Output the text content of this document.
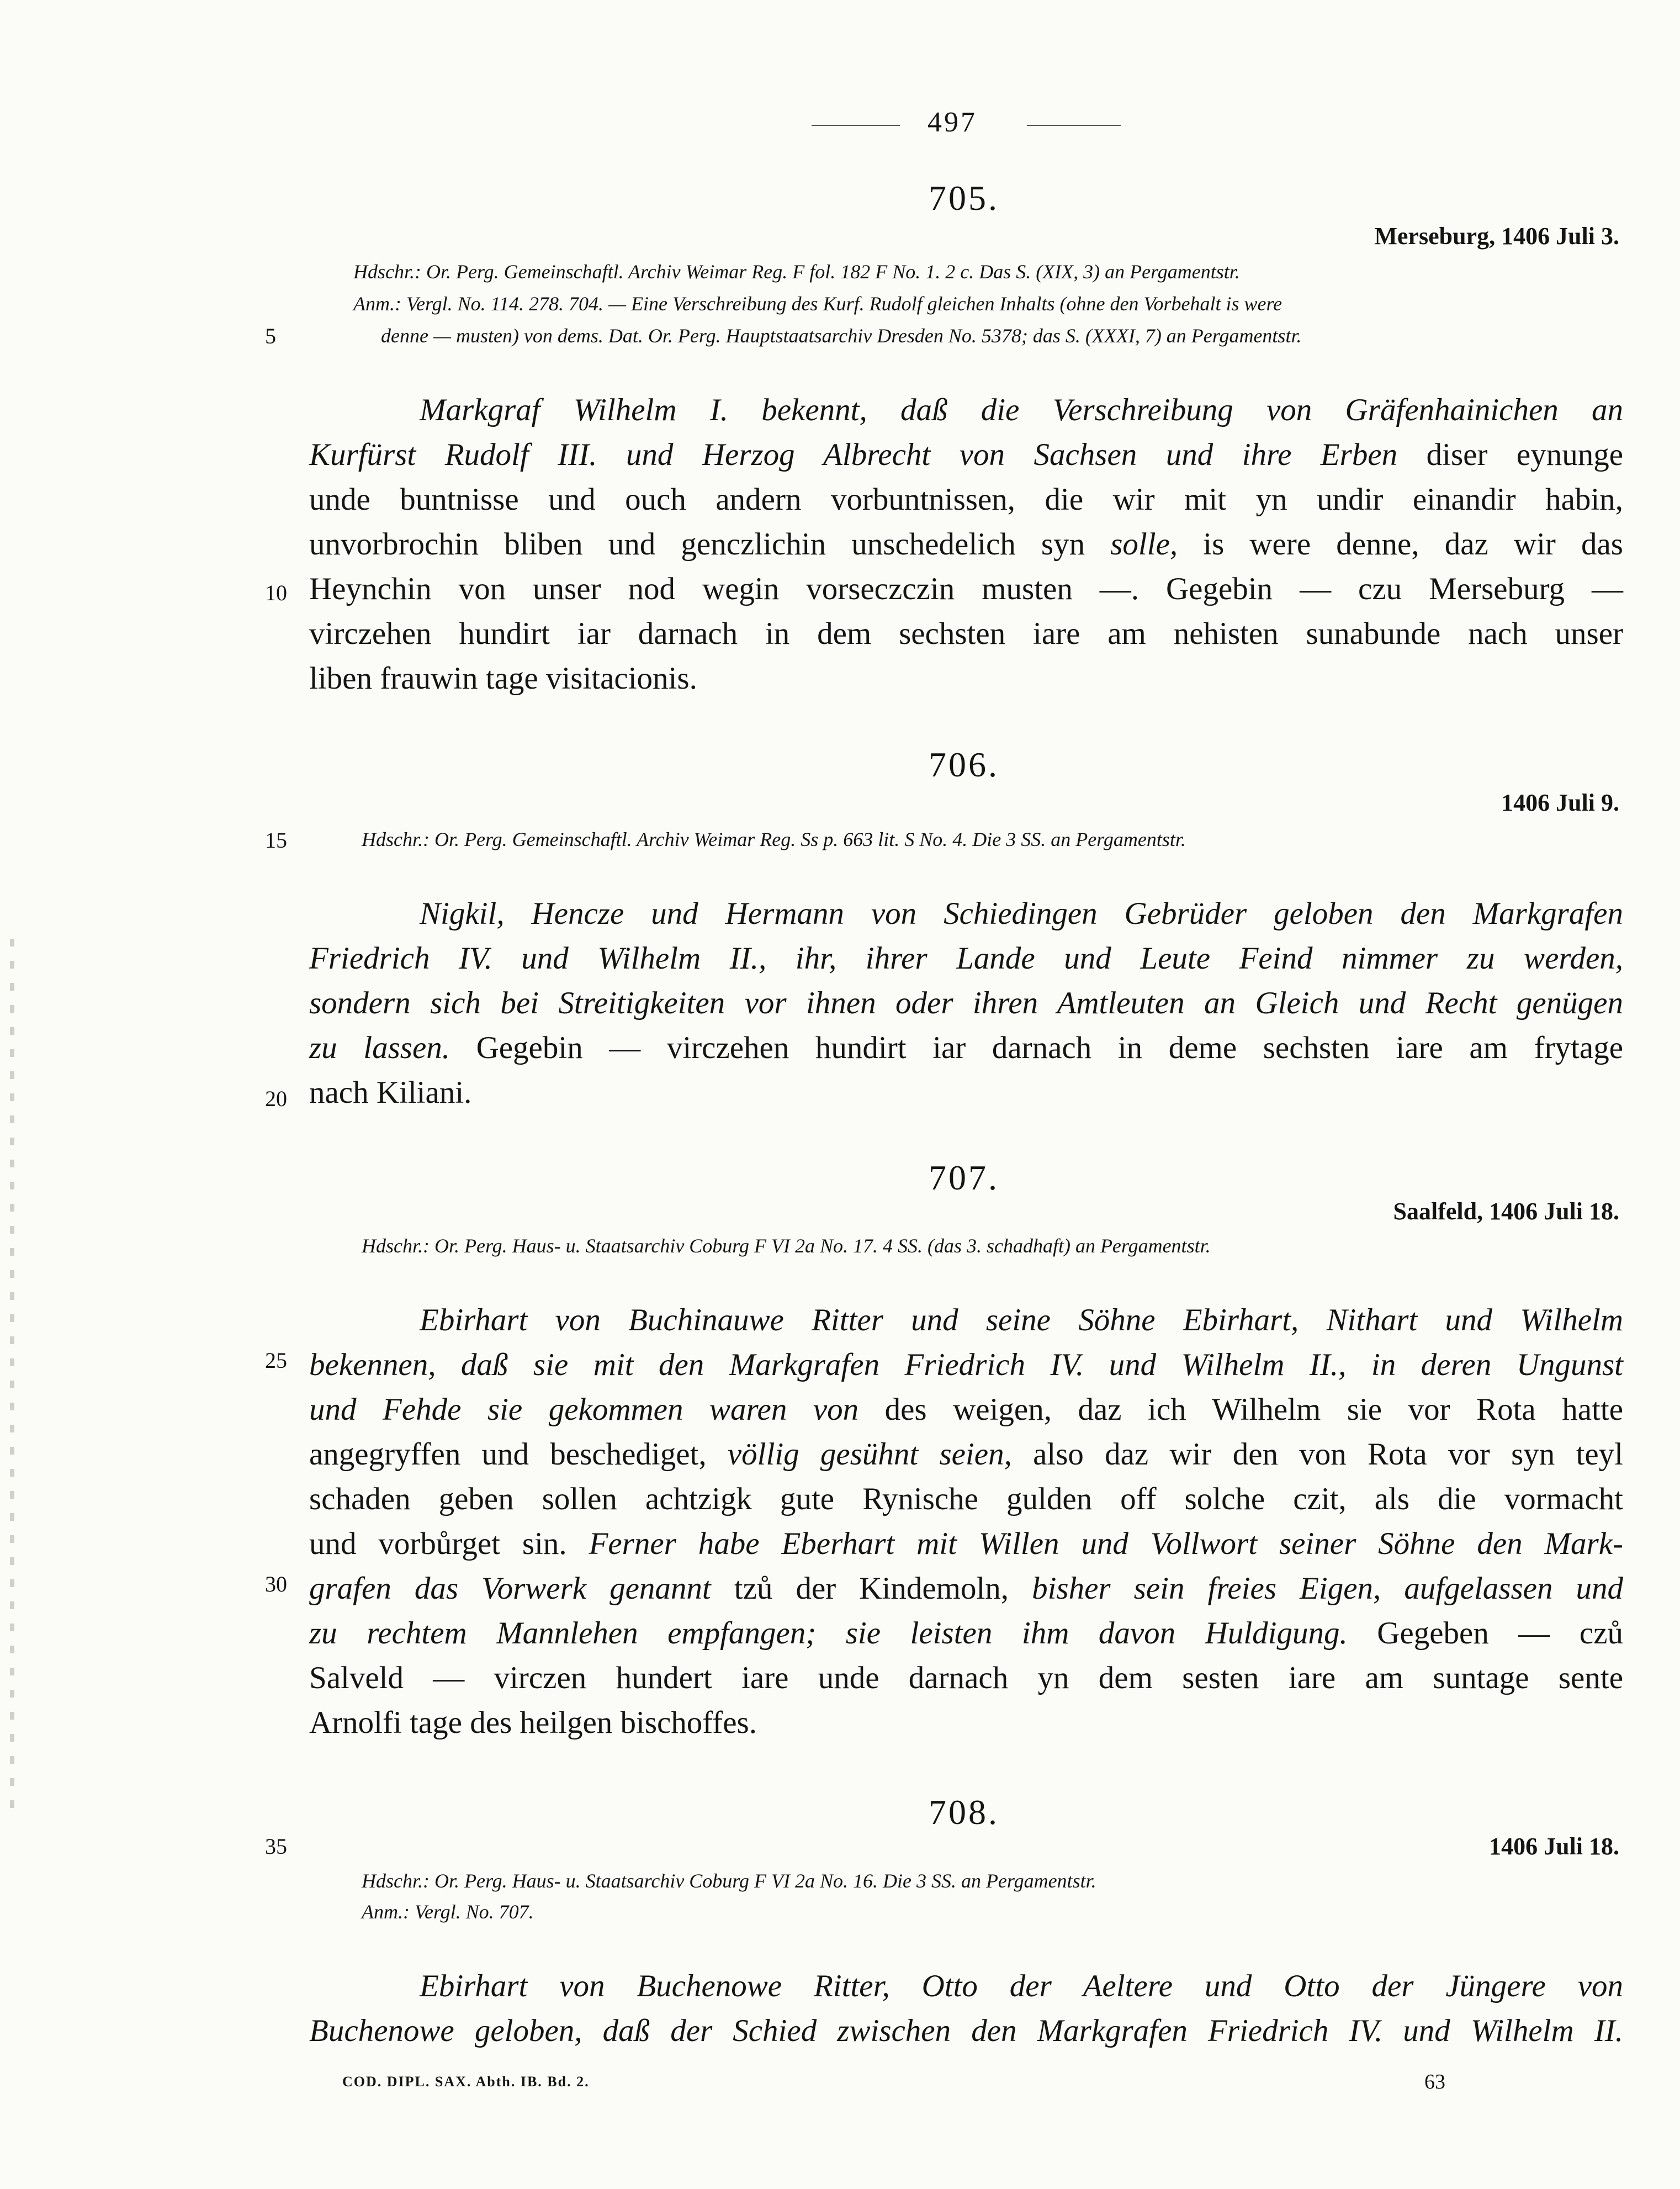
497
705.
Merseburg, 1406 Juli 3.
Hdschr.: Or. Perg. Gemeinschaftl. Archiv Weimar Reg. F fol. 182 F No. 1. 2 c. Das S. (XIX, 3) an Pergamentstr.
Anm.: Vergl. No. 114. 278. 704. — Eine Verschreibung des Kurf. Rudolf gleichen Inhalts (ohne den Vorbehalt is were
5	denne — musten) von dems. Dat. Or. Perg. Hauptstaatsarchiv Dresden No. 5378; das S. (XXXI, 7) an Pergamentstr.
Markgraf Wilhelm I. bekennt, daß die Verschreibung von Gräfenhainichen an
Kurfürst Rudolf III. und Herzog Albrecht von Sachsen und ihre Erben diser eynunge
unde buntnisse und ouch andern vorbuntnissen, die wir mit yn undir einandir habin,
unvorbrochin bliben und genczlichin unschedelich syn solle, is were denne, daz wir das
Heynchin von unser nod wegin vorseczczin musten —. Gegebin — czu Merseburg —
virczehen hundirt iar darnach in dem sechsten iare am nehisten sunabunde nach unser
liben frauwin tage visitacionis.
10
706.
1406 Juli 9.
15	Hdschr.: Or. Perg. Gemeinschaftl. Archiv Weimar Reg. Ss p. 663 lit. S No. 4. Die 3 SS. an Pergamentstr.
Nigkil, Hencze und Hermann von Schiedingen Gebrüder geloben den Markgrafen
Friedrich IV. und Wilhelm II., ihr, ihrer Lande und Leute Feind nimmer zu werden,
sondern sich bei Streitigkeiten vor ihnen oder ihren Amtleuten an Gleich und Recht genügen
zu lassen. Gegebin — virczehen hundirt iar darnach in deme sechsten iare am frytage
nach Kiliani.
20
707.
Saalfeld, 1406 Juli 18.
Hdschr.: Or. Perg. Haus- u. Staatsarchiv Coburg F VI 2a No. 17. 4 SS. (das 3. schadhaft) an Pergamentstr.
Ebirhart von Buchinauwe Ritter und seine Söhne Ebirhart, Nithart und Wilhelm
bekennen, daß sie mit den Markgrafen Friedrich IV. und Wilhelm II., in deren Ungunst
und Fehde sie gekommen waren von des weigen, daz ich Wilhelm sie vor Rota hatte
angegryffen und beschediget, völlig gesühnt seien, also daz wir den von Rota vor syn teyl
schaden geben sollen achtzigk gute Rynische gulden off solche czit, als die vormacht
und vorbůrget sin. Ferner habe Eberhart mit Willen und Vollwort seiner Söhne den Mark-
grafen das Vorwerk genannt tzů der Kindemoln, bisher sein freies Eigen, aufgelassen und
zu rechtem Mannlehen empfangen; sie leisten ihm davon Huldigung. Gegeben — czů
Salveld — virczen hundert iare unde darnach yn dem sesten iare am suntage sente
Arnolfi tage des heilgen bischoffes.
25
30
708.
35	1406 Juli 18.
Hdschr.: Or. Perg. Haus- u. Staatsarchiv Coburg F VI 2a No. 16. Die 3 SS. an Pergamentstr.
Anm.: Vergl. No. 707.
Ebirhart von Buchenowe Ritter, Otto der Aeltere und Otto der Jüngere von
Buchenowe geloben, daß der Schied zwischen den Markgrafen Friedrich IV. und Wilhelm II.
COD. DIPL. SAX. Abth. IB. Bd. 2.	63
